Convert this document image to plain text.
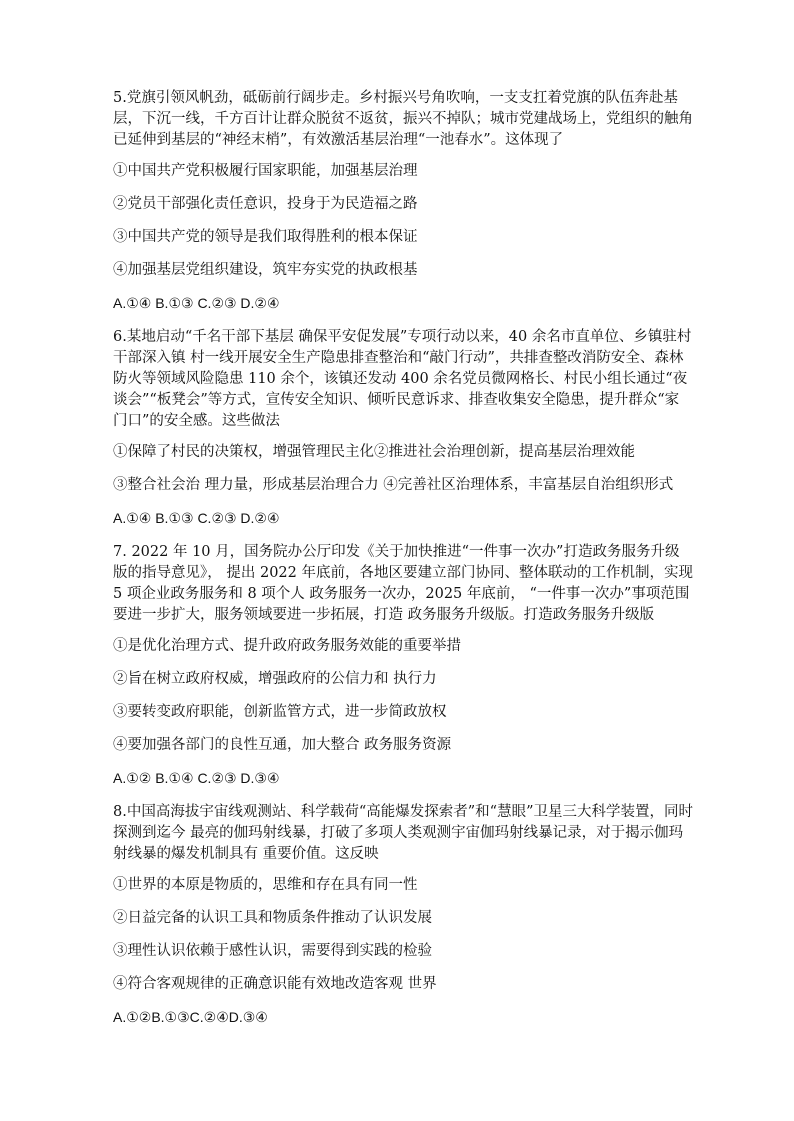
5.党旗引领风帆劲，砥砺前行阔步走。乡村振兴号角吹响，一支支扛着党旗的队伍奔赴基层，下沉一线，千方百计让群众脱贫不返贫，振兴不掉队；城市党建战场上，党组织的触角已延伸到基层的“神经末梢”，有效激活基层治理“一池春水”。这体现了

①中国共产党积极履行国家职能，加强基层治理

②党员干部强化责任意识，投身于为民造福之路

③中国共产党的领导是我们取得胜利的根本保证

④加强基层党组织建设，筑牢夯实党的执政根基

A.①④ B.①③ C.②③ D.②④

6.某地启动“千名干部下基层 确保平安促发展”专项行动以来，40 余名市直单位、乡镇驻村干部深入镇 村一线开展安全生产隐患排查整治和“敲门行动”，共排查整改消防安全、森林防火等领域风险隐患 110 余个，该镇还发动 400 余名党员微网格长、村民小组长通过“夜谈会”“板凳会”等方式，宣传安全知识、倾听民意诉求、排查收集安全隐患，提升群众“家门口”的安全感。这些做法

①保障了村民的决策权，增强管理民主化②推进社会治理创新，提高基层治理效能

③整合社会治 理力量，形成基层治理合力 ④完善社区治理体系，丰富基层自治组织形式

A.①④ B.①③ C.②③ D.②④

7. 2022 年 10 月，国务院办公厅印发《关于加快推进“一件事一次办”打造政务服务升级版的指导意见》， 提出 2022 年底前，各地区要建立部门协同、整体联动的工作机制，实现 5 项企业政务服务和 8 项个人 政务服务一次办，2025 年底前， “一件事一次办”事项范围要进一步扩大，服务领域要进一步拓展，打造 政务服务升级版。打造政务服务升级版

①是优化治理方式、提升政府政务服务效能的重要举措

②旨在树立政府权威，增强政府的公信力和 执行力

③要转变政府职能，创新监管方式，进一步简政放权

④要加强各部门的良性互通，加大整合 政务服务资源

A.①② B.①④ C.②③ D.③④

8.中国高海拔宇宙线观测站、科学载荷“高能爆发探索者”和“慧眼”卫星三大科学装置，同时探测到迄今 最亮的伽玛射线暴，打破了多项人类观测宇宙伽玛射线暴记录，对于揭示伽玛射线暴的爆发机制具有 重要价值。这反映

①世界的本原是物质的，思维和存在具有同一性

②日益完备的认识工具和物质条件推动了认识发展

③理性认识依赖于感性认识，需要得到实践的检验

④符合客观规律的正确意识能有效地改造客观 世界

A.①②B.①③C.②④D.③④
